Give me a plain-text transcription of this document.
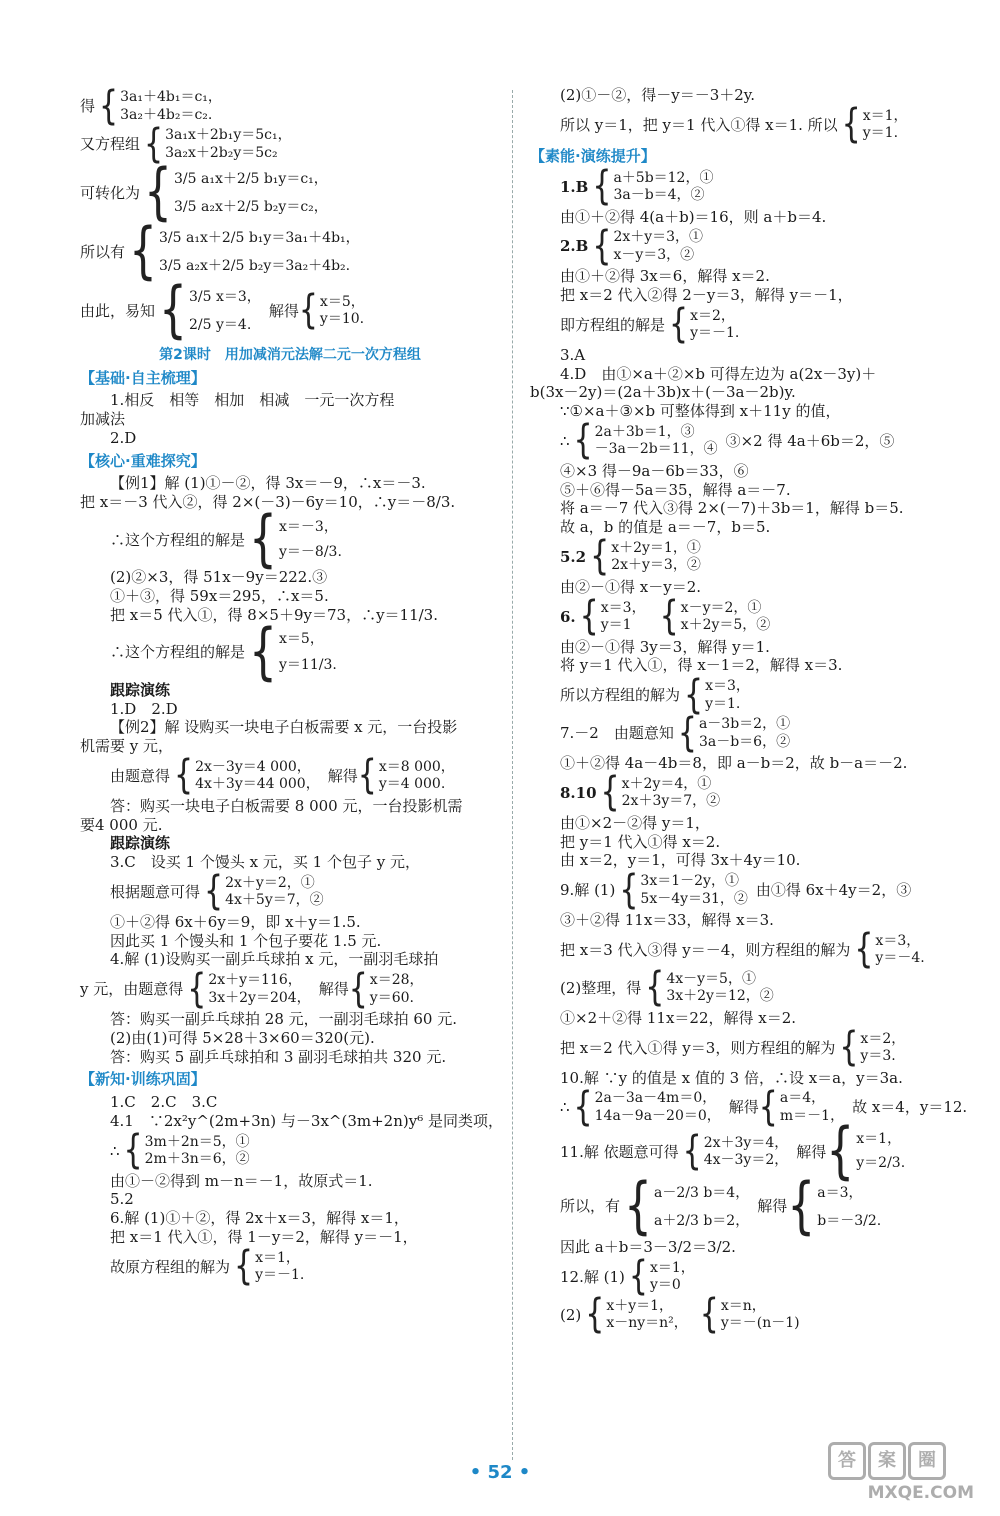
得 { 3a₁＋4b₁＝c₁，
3a₂＋4b₂＝c₂.
又方程组 { 3a₁x＋2b₁y＝5c₁，
3a₂x＋2b₂y＝5c₂
可转化为 { 3/5 a₁x＋2/5 b₁y＝c₁，
3/5 a₂x＋2/5 b₂y＝c₂，
所以有 { 3/5 a₁x＋2/5 b₁y＝3a₁＋4b₁，
3/5 a₂x＋2/5 b₂y＝3a₂＋4b₂.
由此，易知 { 3/5 x＝3，
2/5 y＝4.
解得 { x＝5，
y＝10.
第2课时　用加减消元法解二元一次方程组
【基础·自主梳理】

1.相反　相等　相加　相减　一元一次方程

加减法

2.D

【核心·重难探究】

【例1】解 (1)①－②，得 3x＝－9，∴x＝－3.

把 x＝－3 代入②，得 2×(－3)－6y＝10，∴y＝－8/3.

∴这个方程组的解是 { x＝－3，
y＝－8/3.

(2)②×3，得 51x－9y＝222.③

①＋③，得 59x＝295，∴x＝5.

把 x＝5 代入①，得 8×5＋9y＝73，∴y＝11/3.

∴这个方程组的解是 { x＝5，
y＝11/3.

跟踪演练

1.D　2.D

【例2】解 设购买一块电子白板需要 x 元，一台投影

机需要 y 元，

由题意得 { 2x－3y＝4 000，
4x＋3y＝44 000， 解得 { x＝8 000，
y＝4 000.

答：购买一块电子白板需要 8 000 元，一台投影机需

要4 000 元.

跟踪演练

3.C　设买 1 个馒头 x 元，买 1 个包子 y 元，

根据题意可得 { 2x＋y＝2，①
4x＋5y＝7，②

①＋②得 6x＋6y＝9，即 x＋y＝1.5.

因此买 1 个馒头和 1 个包子要花 1.5 元.

4.解 (1)设购买一副乒乓球拍 x 元，一副羽毛球拍

y 元，由题意得 { 2x＋y＝116，
3x＋2y＝204， 解得 { x＝28，
y＝60.

答：购买一副乒乓球拍 28 元，一副羽毛球拍 60 元.

(2)由(1)可得 5×28＋3×60＝320(元).

答：购买 5 副乒乓球拍和 3 副羽毛球拍共 320 元.

【新知·训练巩固】

1.C　2.C　3.C

4.1　∵2x²y^(2m+3n) 与－3x^(3m+2n)y⁶ 是同类项，

∴ { 3m＋2n＝5，①
2m＋3n＝6，②

由①－②得到 m－n＝－1，故原式＝1.

5.2

6.解 (1)①＋②，得 2x＋x＝3，解得 x＝1，

把 x＝1 代入①，得 1－y＝2，解得 y＝－1，

故原方程组的解为 { x＝1，
y＝－1.

(2)①－②，得－y＝－3＋2y.

所以 y＝1，把 y＝1 代入①得 x＝1. 所以 { x＝1，
y＝1.
【素能·演练提升】
1.B { a＋5b＝12，①
3a－b＝4，②

由①＋②得 4(a＋b)＝16，则 a＋b＝4.

2.B { 2x＋y＝3，①
x－y＝3，②

由①＋②得 3x＝6，解得 x＝2.

把 x＝2 代入②得 2－y＝3，解得 y＝－1，

即方程组的解是 { x＝2，
y＝－1.

3.A

4.D　由①×a＋②×b 可得左边为 a(2x－3y)＋

b(3x－2y)＝(2a＋3b)x＋(－3a－2b)y.

∵①×a＋③×b 可整体得到 x＋11y 的值，

∴ { 2a＋3b＝1，③
－3a－2b＝11，④ ③×2 得 4a＋6b＝2，⑤

④×3 得－9a－6b＝33，⑥

⑤＋⑥得－5a＝35，解得 a＝－7.

将 a＝－7 代入③得 2×(－7)＋3b＝1，解得 b＝5.

故 a，b 的值是 a＝－7，b＝5.

5.2 { x＋2y＝1，①
2x＋y＝3，②

由②－①得 x－y＝2.

6. { x＝3，
y＝1 { x－y＝2，①
x＋2y＝5，②

由②－①得 3y＝3，解得 y＝1.

将 y＝1 代入①，得 x－1＝2，解得 x＝3.

所以方程组的解为 { x＝3，
y＝1.
7.－2　由题意知 { a－3b＝2，①
3a－b＝6，②

①＋②得 4a－4b＝8，即 a－b＝2，故 b－a＝－2.

8.10 { x＋2y＝4，①
2x＋3y＝7，②

由①×2－②得 y＝1，

把 y＝1 代入①得 x＝2.

由 x＝2，y＝1，可得 3x＋4y＝10.

9.解 (1) { 3x＝1－2y，①
5x－4y＝31，② 由①得 6x＋4y＝2，③

③＋②得 11x＝33，解得 x＝3.

把 x＝3 代入③得 y＝－4，则方程组的解为 { x＝3，
y＝－4.
(2)整理，得 { 4x－y＝5，①
3x＋2y＝12，②

①×2＋②得 11x＝22，解得 x＝2.

把 x＝2 代入①得 y＝3，则方程组的解为 { x＝2，
y＝3.

10.解 ∵y 的值是 x 值的 3 倍，∴设 x＝a，y＝3a.

∴ { 2a－3a－4m＝0，
14a－9a－20＝0， 解得 { a＝4，
m＝－1， 故 x＝4，y＝12.
11.解 依题意可得 { 2x＋3y＝4，
4x－3y＝2， 解得 { x＝1，
y＝2/3.
所以，有 { a－2/3 b＝4，
a＋2/3 b＝2，
解得 { a＝3，
b＝－3/2.

因此 a＋b＝3－3/2＝3/2.

12.解 (1) { x＝1，
y＝0
(2) { x＋y＝1，
x－ny＝n²， { x＝n，
y＝－(n－1)
• 52 •
答	案	圈
MXQE.COM
